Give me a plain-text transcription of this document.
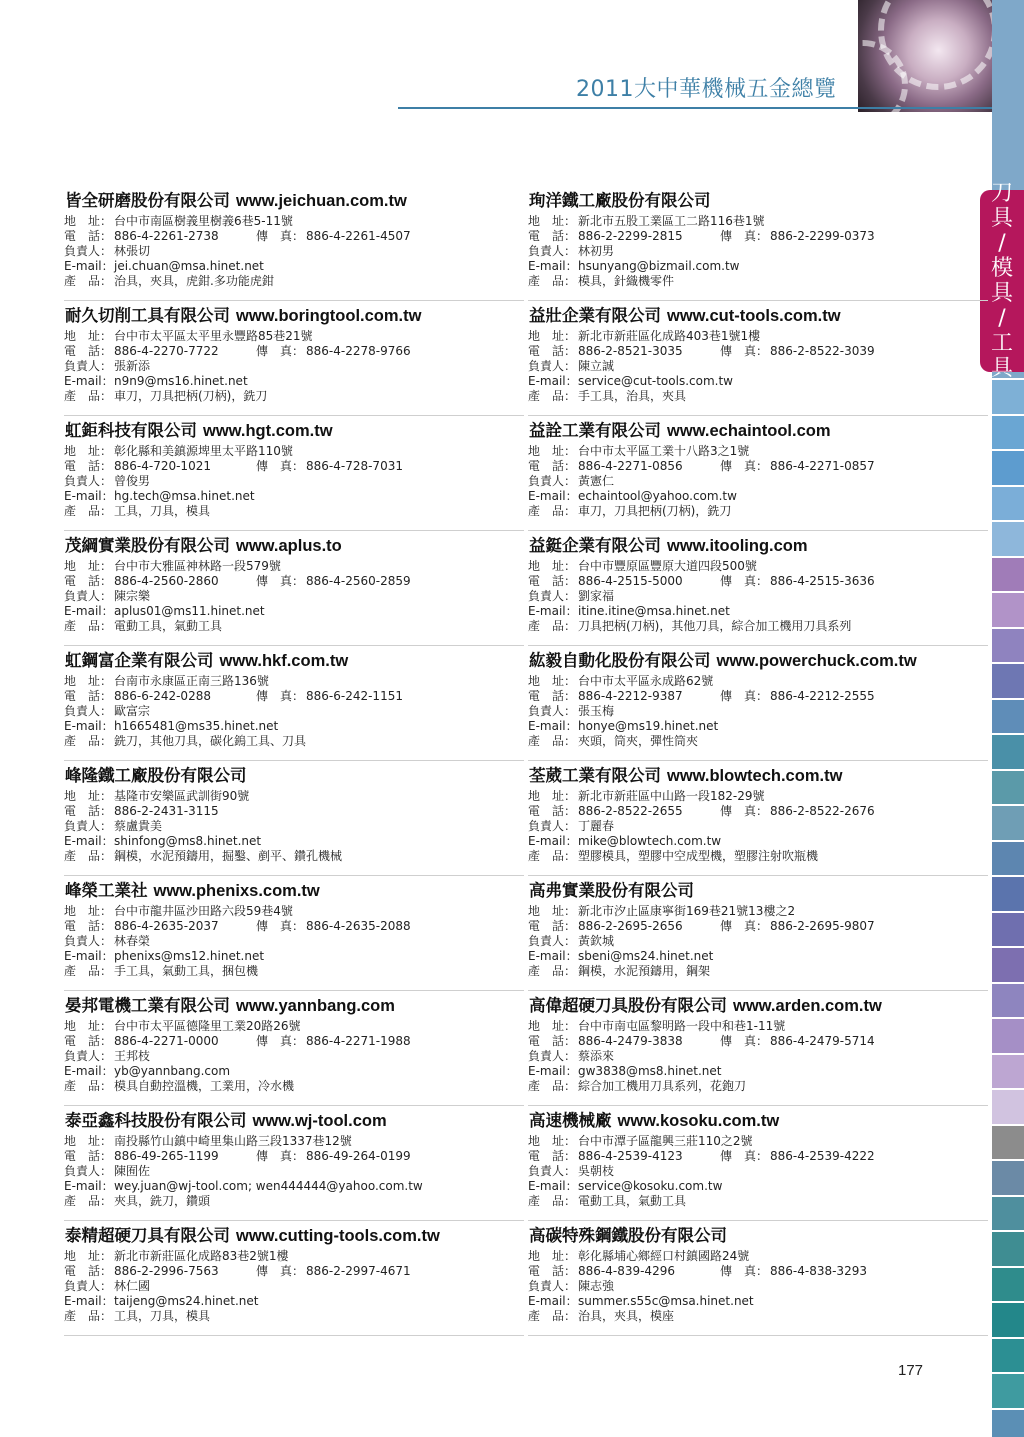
2011大中華機械五金總覽
刀
具
/
模
具
/
工
具
皆全研磨股份有限公司 www.jeichuan.com.tw
地　址： 台中市南區樹義里樹義6巷5-11號
電　話： 886-4-2261-2738	傳　真： 886-4-2261-4507
負責人： 林張切
E-mail：jei.chuan@msa.hinet.net
產　品： 治具，夾具，虎鉗.多功能虎鉗
耐久切削工具有限公司 www.boringtool.com.tw
地　址： 台中市太平區太平里永豐路85巷21號
電　話： 886-4-2270-7722	傳　真： 886-4-2278-9766
負責人： 張新添
E-mail：n9n9@ms16.hinet.net
產　品： 車刀，刀具把柄(刀柄)，銑刀
虹鉅科技有限公司 www.hgt.com.tw
地　址： 彰化縣和美鎮源埤里太平路110號
電　話： 886-4-720-1021	傳　真： 886-4-728-7031
負責人： 曾俊男
E-mail：hg.tech@msa.hinet.net
產　品： 工具，刀具，模具
茂綱實業股份有限公司 www.aplus.to
地　址： 台中市大雅區神林路一段579號
電　話： 886-4-2560-2860	傳　真： 886-4-2560-2859
負責人： 陳宗樂
E-mail：aplus01@ms11.hinet.net
產　品： 電動工具，氣動工具
虹鋼富企業有限公司 www.hkf.com.tw
地　址： 台南市永康區正南三路136號
電　話： 886-6-242-0288	傳　真： 886-6-242-1151
負責人： 歐富宗
E-mail：h1665481@ms35.hinet.net
產　品： 銑刀，其他刀具，碳化鎢工具、刀具
峰隆鐵工廠股份有限公司
地　址： 基隆市安樂區武訓街90號
電　話： 886-2-2431-3115
負責人： 蔡盧貴美
E-mail：shinfong@ms8.hinet.net
產　品： 鋼模，水泥預鑄用，掘鑿、剷平、鑽孔機械
峰榮工業社 www.phenixs.com.tw
地　址： 台中市龍井區沙田路六段59巷4號
電　話： 886-4-2635-2037	傳　真： 886-4-2635-2088
負責人： 林春榮
E-mail：phenixs@ms12.hinet.net
產　品： 手工具，氣動工具，捆包機
晏邦電機工業有限公司 www.yannbang.com
地　址： 台中市太平區德隆里工業20路26號
電　話： 886-4-2271-0000	傳　真： 886-4-2271-1988
負責人： 王邦枝
E-mail：yb@yannbang.com
產　品： 模具自動控溫機，工業用，冷水機
泰亞鑫科技股份有限公司 www.wj-tool.com
地　址： 南投縣竹山鎮中崎里集山路三段1337巷12號
電　話： 886-49-265-1199	傳　真： 886-49-264-0199
負責人： 陳囿佐
E-mail：wey.juan@wj-tool.com; wen444444@yahoo.com.tw
產　品： 夾具，銑刀，鑽頭
泰精超硬刀具有限公司 www.cutting-tools.com.tw
地　址： 新北市新莊區化成路83巷2號1樓
電　話： 886-2-2996-7563	傳　真： 886-2-2997-4671
負責人： 林仁國
E-mail：taijeng@ms24.hinet.net
產　品： 工具，刀具，模具
珣洋鐵工廠股份有限公司
地　址： 新北市五股工業區工二路116巷1號
電　話： 886-2-2299-2815	傳　真： 886-2-2299-0373
負責人： 林初男
E-mail：hsunyang@bizmail.com.tw
產　品： 模具，針織機零件
益壯企業有限公司 www.cut-tools.com.tw
地　址： 新北市新莊區化成路403巷1號1樓
電　話： 886-2-8521-3035	傳　真： 886-2-8522-3039
負責人： 陳立誠
E-mail：service@cut-tools.com.tw
產　品： 手工具，治具，夾具
益詮工業有限公司 www.echaintool.com
地　址： 台中市太平區工業十八路3之1號
電　話： 886-4-2271-0856	傳　真： 886-4-2271-0857
負責人： 黃憲仁
E-mail：echaintool@yahoo.com.tw
產　品： 車刀，刀具把柄(刀柄)，銑刀
益鋌企業有限公司 www.itooling.com
地　址： 台中市豐原區豐原大道四段500號
電　話： 886-4-2515-5000	傳　真： 886-4-2515-3636
負責人： 劉家福
E-mail：itine.itine@msa.hinet.net
產　品： 刀具把柄(刀柄)，其他刀具，綜合加工機用刀具系列
紘毅自動化股份有限公司 www.powerchuck.com.tw
地　址： 台中市太平區永成路62號
電　話： 886-4-2212-9387	傳　真： 886-4-2212-2555
負責人： 張玉梅
E-mail：honye@ms19.hinet.net
產　品： 夾頭，筒夾，彈性筒夾
荃葳工業有限公司 www.blowtech.com.tw
地　址： 新北市新莊區中山路一段182-29號
電　話： 886-2-8522-2655	傳　真： 886-2-8522-2676
負責人： 丁麗春
E-mail：mike@blowtech.com.tw
產　品： 塑膠模具，塑膠中空成型機，塑膠注射吹瓶機
高弗實業股份有限公司
地　址： 新北市汐止區康寧街169巷21號13樓之2
電　話： 886-2-2695-2656	傳　真： 886-2-2695-9807
負責人： 黃欽城
E-mail：sbeni@ms24.hinet.net
產　品： 鋼模，水泥預鑄用，鋼架
高偉超硬刀具股份有限公司 www.arden.com.tw
地　址： 台中市南屯區黎明路一段中和巷1-11號
電　話： 886-4-2479-3838	傳　真： 886-4-2479-5714
負責人： 蔡添來
E-mail：gw3838@ms8.hinet.net
產　品： 綜合加工機用刀具系列，花鉋刀
高速機械廠 www.kosoku.com.tw
地　址： 台中市潭子區龍興三莊110之2號
電　話： 886-4-2539-4123	傳　真： 886-4-2539-4222
負責人： 吳朝枝
E-mail：service@kosoku.com.tw
產　品： 電動工具，氣動工具
高碳特殊鋼鐵股份有限公司
地　址： 彰化縣埔心鄉經口村鎮國路24號
電　話： 886-4-839-4296	傳　真： 886-4-838-3293
負責人： 陳志強
E-mail：summer.s55c@msa.hinet.net
產　品： 治具，夾具，模座
177
